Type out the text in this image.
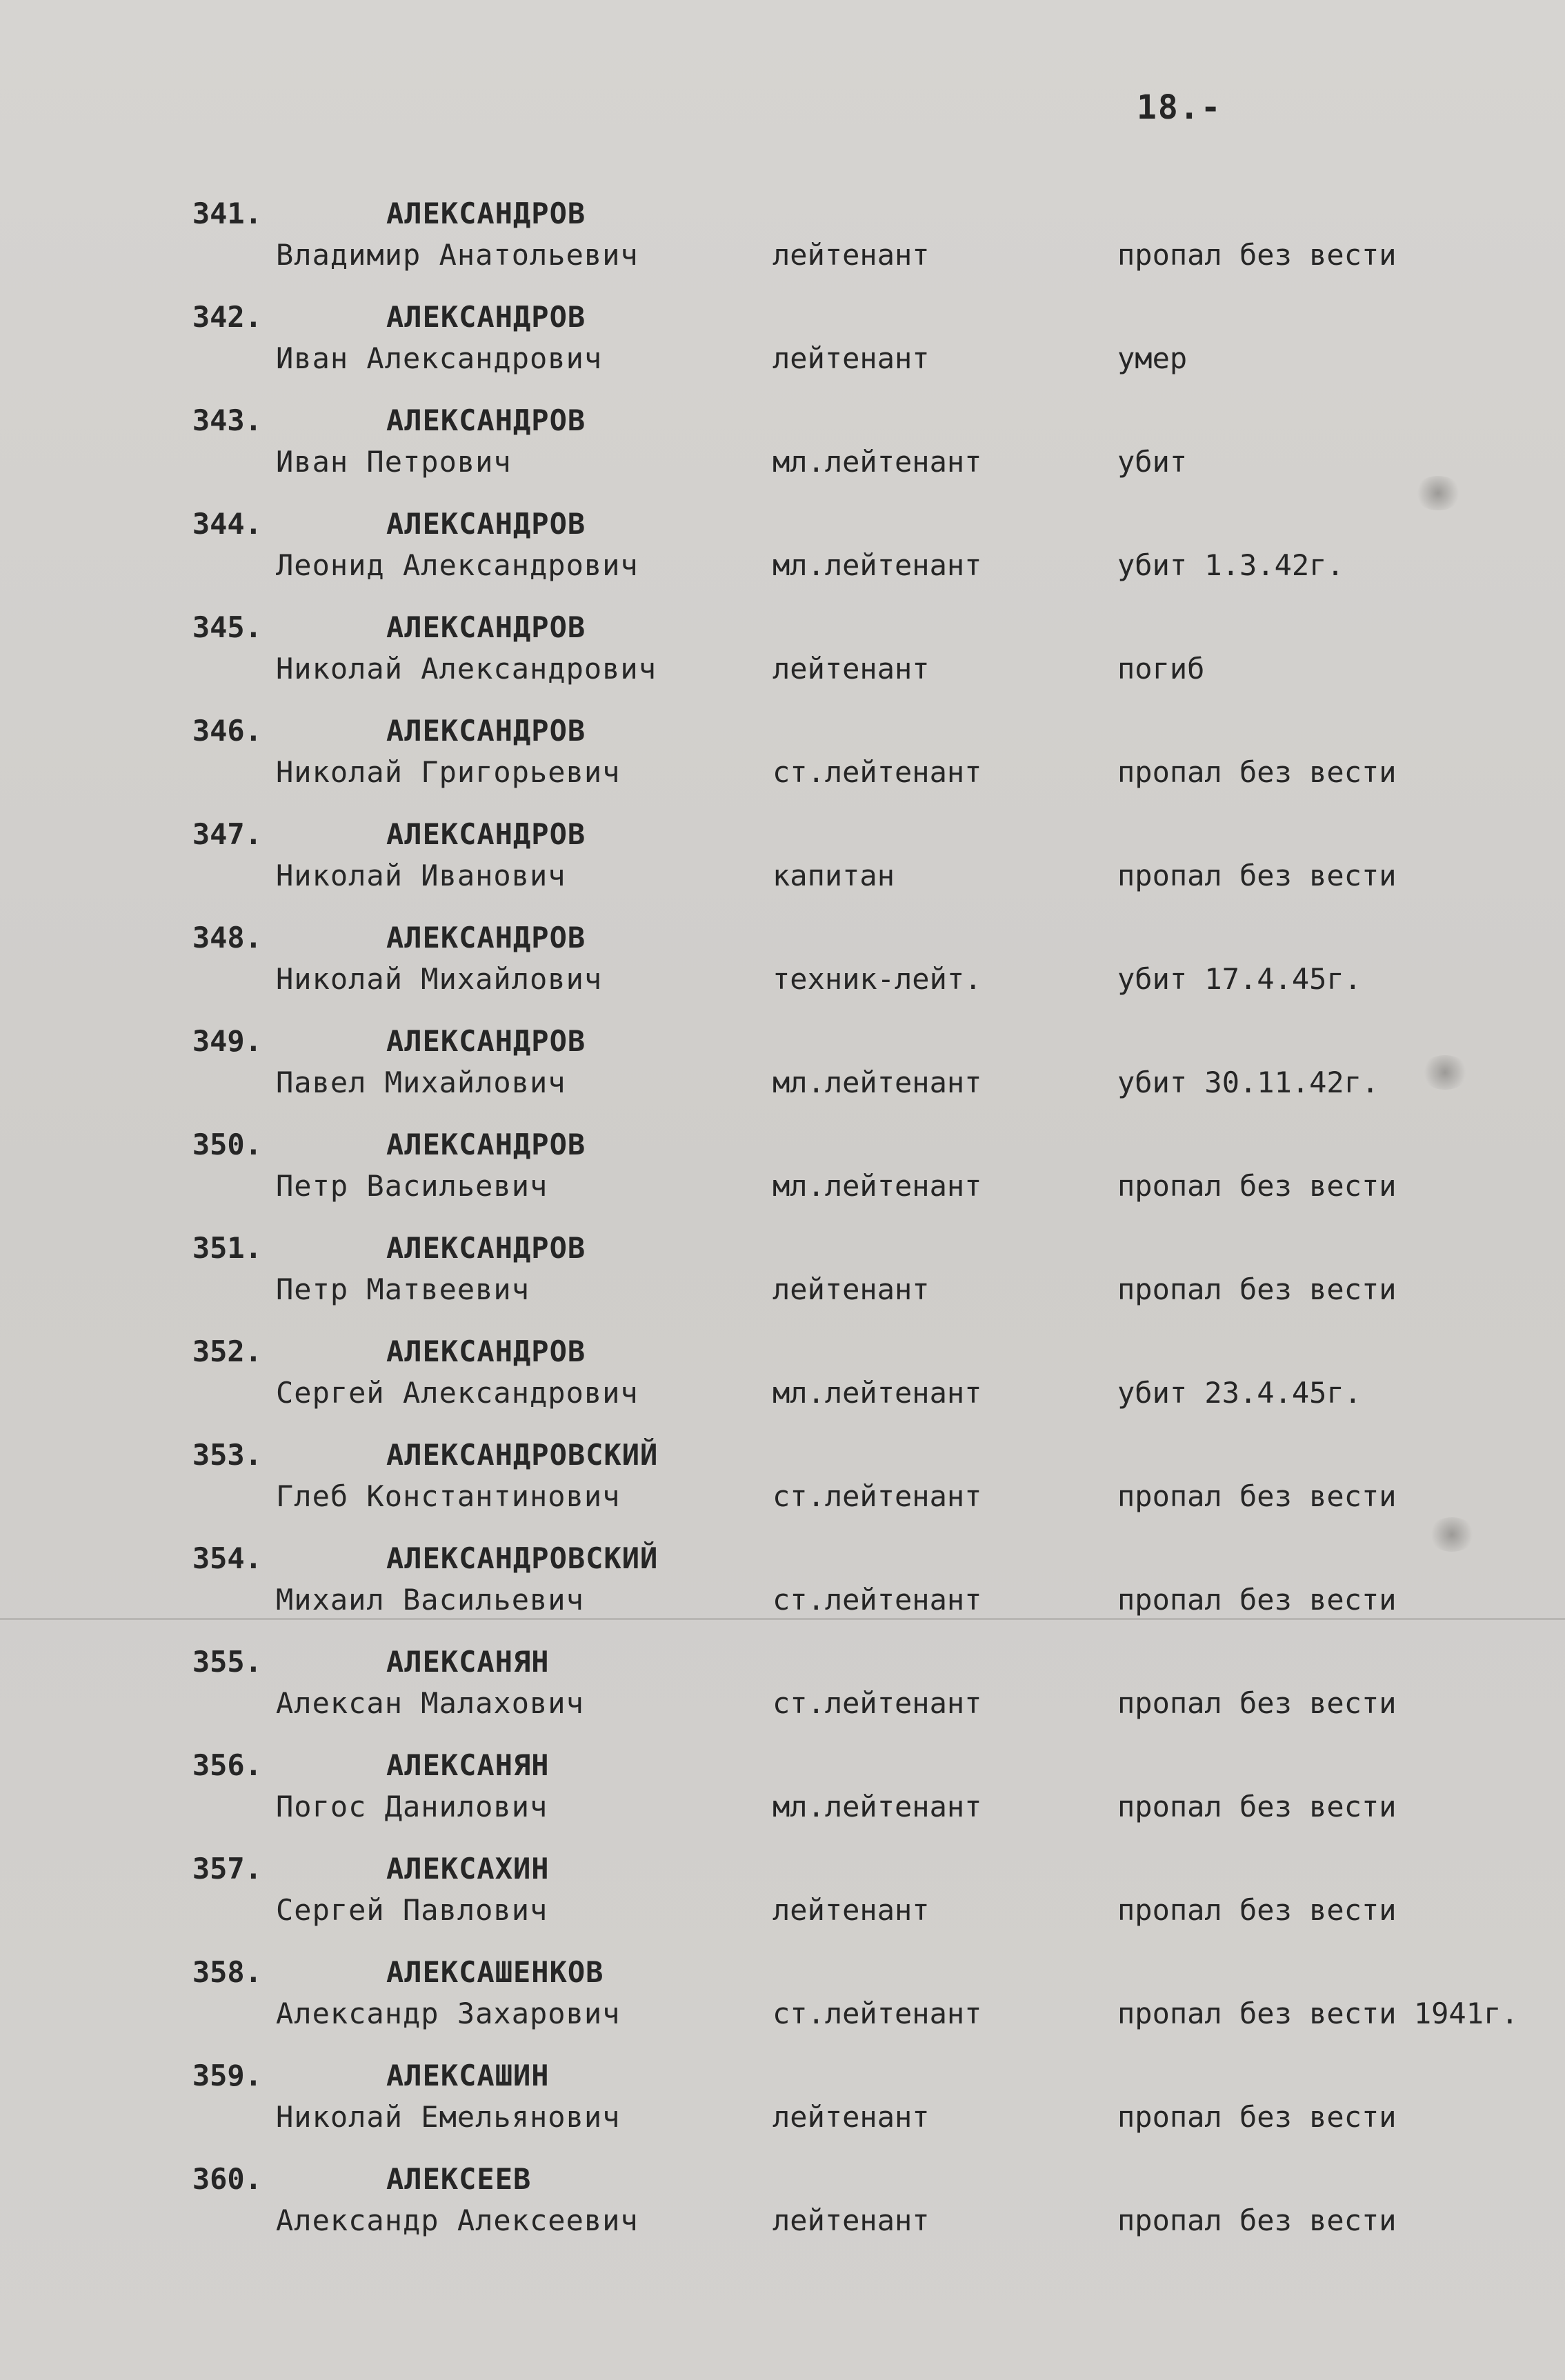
18.-
341.	АЛЕКСАНДРОВ
Владимир Анатольевич	лейтенант	пропал без вести
342.	АЛЕКСАНДРОВ
Иван Александрович	лейтенант	умер
343.	АЛЕКСАНДРОВ
Иван Петрович	мл.лейтенант	убит
344.	АЛЕКСАНДРОВ
Леонид Александрович	мл.лейтенант	убит 1.3.42г.
345.	АЛЕКСАНДРОВ
Николай Александрович	лейтенант	погиб
346.	АЛЕКСАНДРОВ
Николай Григорьевич	ст.лейтенант	пропал без вести
347.	АЛЕКСАНДРОВ
Николай Иванович	капитан	пропал без вести
348.	АЛЕКСАНДРОВ
Николай Михайлович	техник-лейт.	убит 17.4.45г.
349.	АЛЕКСАНДРОВ
Павел Михайлович	мл.лейтенант	убит 30.11.42г.
350.	АЛЕКСАНДРОВ
Петр Васильевич	мл.лейтенант	пропал без вести
351.	АЛЕКСАНДРОВ
Петр Матвеевич	лейтенант	пропал без вести
352.	АЛЕКСАНДРОВ
Сергей Александрович	мл.лейтенант	убит 23.4.45г.
353.	АЛЕКСАНДРОВСКИЙ
Глеб Константинович	ст.лейтенант	пропал без вести
354.	АЛЕКСАНДРОВСКИЙ
Михаил Васильевич	ст.лейтенант	пропал без вести
355.	АЛЕКСАНЯН
Алексан Малахович	ст.лейтенант	пропал без вести
356.	АЛЕКСАНЯН
Погос Данилович	мл.лейтенант	пропал без вести
357.	АЛЕКСАХИН
Сергей Павлович	лейтенант	пропал без вести
358.	АЛЕКСАШЕНКОВ
Александр Захарович	ст.лейтенант	пропал без вести 1941г.
359.	АЛЕКСАШИН
Николай Емельянович	лейтенант	пропал без вести
360.	АЛЕКСЕЕВ
Александр Алексеевич	лейтенант	пропал без вести
